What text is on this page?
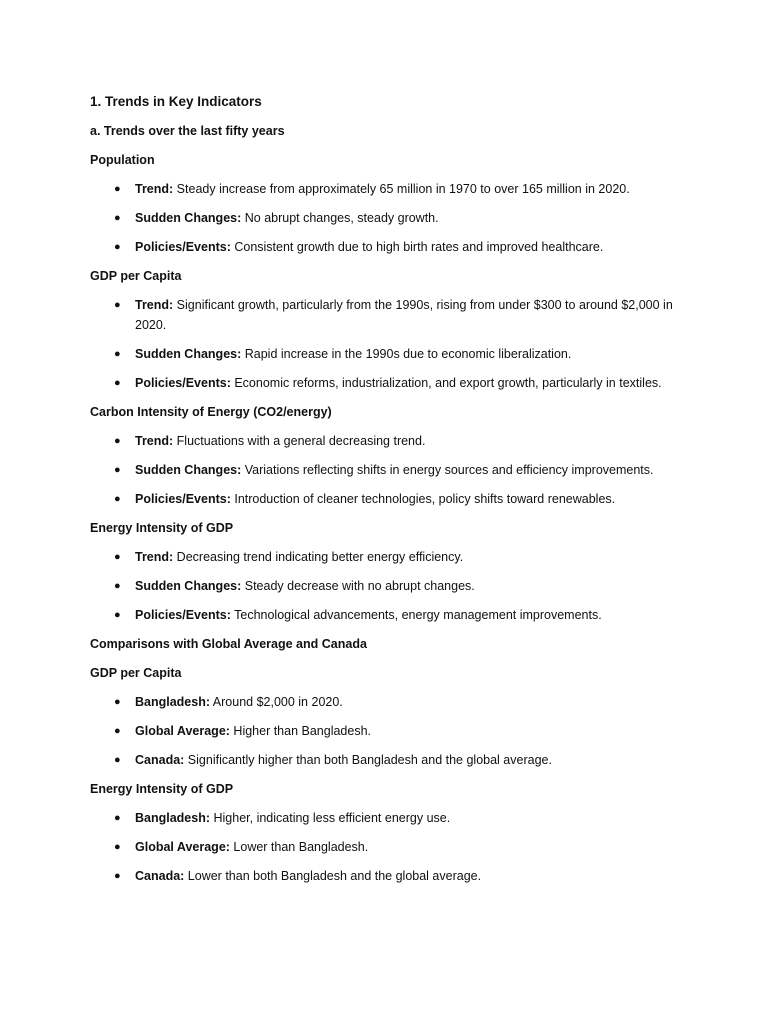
1. Trends in Key Indicators
a. Trends over the last fifty years
Population
● Trend: Steady increase from approximately 65 million in 1970 to over 165 million in 2020.
● Sudden Changes: No abrupt changes, steady growth.
● Policies/Events: Consistent growth due to high birth rates and improved healthcare.
GDP per Capita
● Trend: Significant growth, particularly from the 1990s, rising from under $300 to around $2,000 in 2020.
● Sudden Changes: Rapid increase in the 1990s due to economic liberalization.
● Policies/Events: Economic reforms, industrialization, and export growth, particularly in textiles.
Carbon Intensity of Energy (CO2/energy)
● Trend: Fluctuations with a general decreasing trend.
● Sudden Changes: Variations reflecting shifts in energy sources and efficiency improvements.
● Policies/Events: Introduction of cleaner technologies, policy shifts toward renewables.
Energy Intensity of GDP
● Trend: Decreasing trend indicating better energy efficiency.
● Sudden Changes: Steady decrease with no abrupt changes.
● Policies/Events: Technological advancements, energy management improvements.
Comparisons with Global Average and Canada
GDP per Capita
● Bangladesh: Around $2,000 in 2020.
● Global Average: Higher than Bangladesh.
● Canada: Significantly higher than both Bangladesh and the global average.
Energy Intensity of GDP
● Bangladesh: Higher, indicating less efficient energy use.
● Global Average: Lower than Bangladesh.
● Canada: Lower than both Bangladesh and the global average.
